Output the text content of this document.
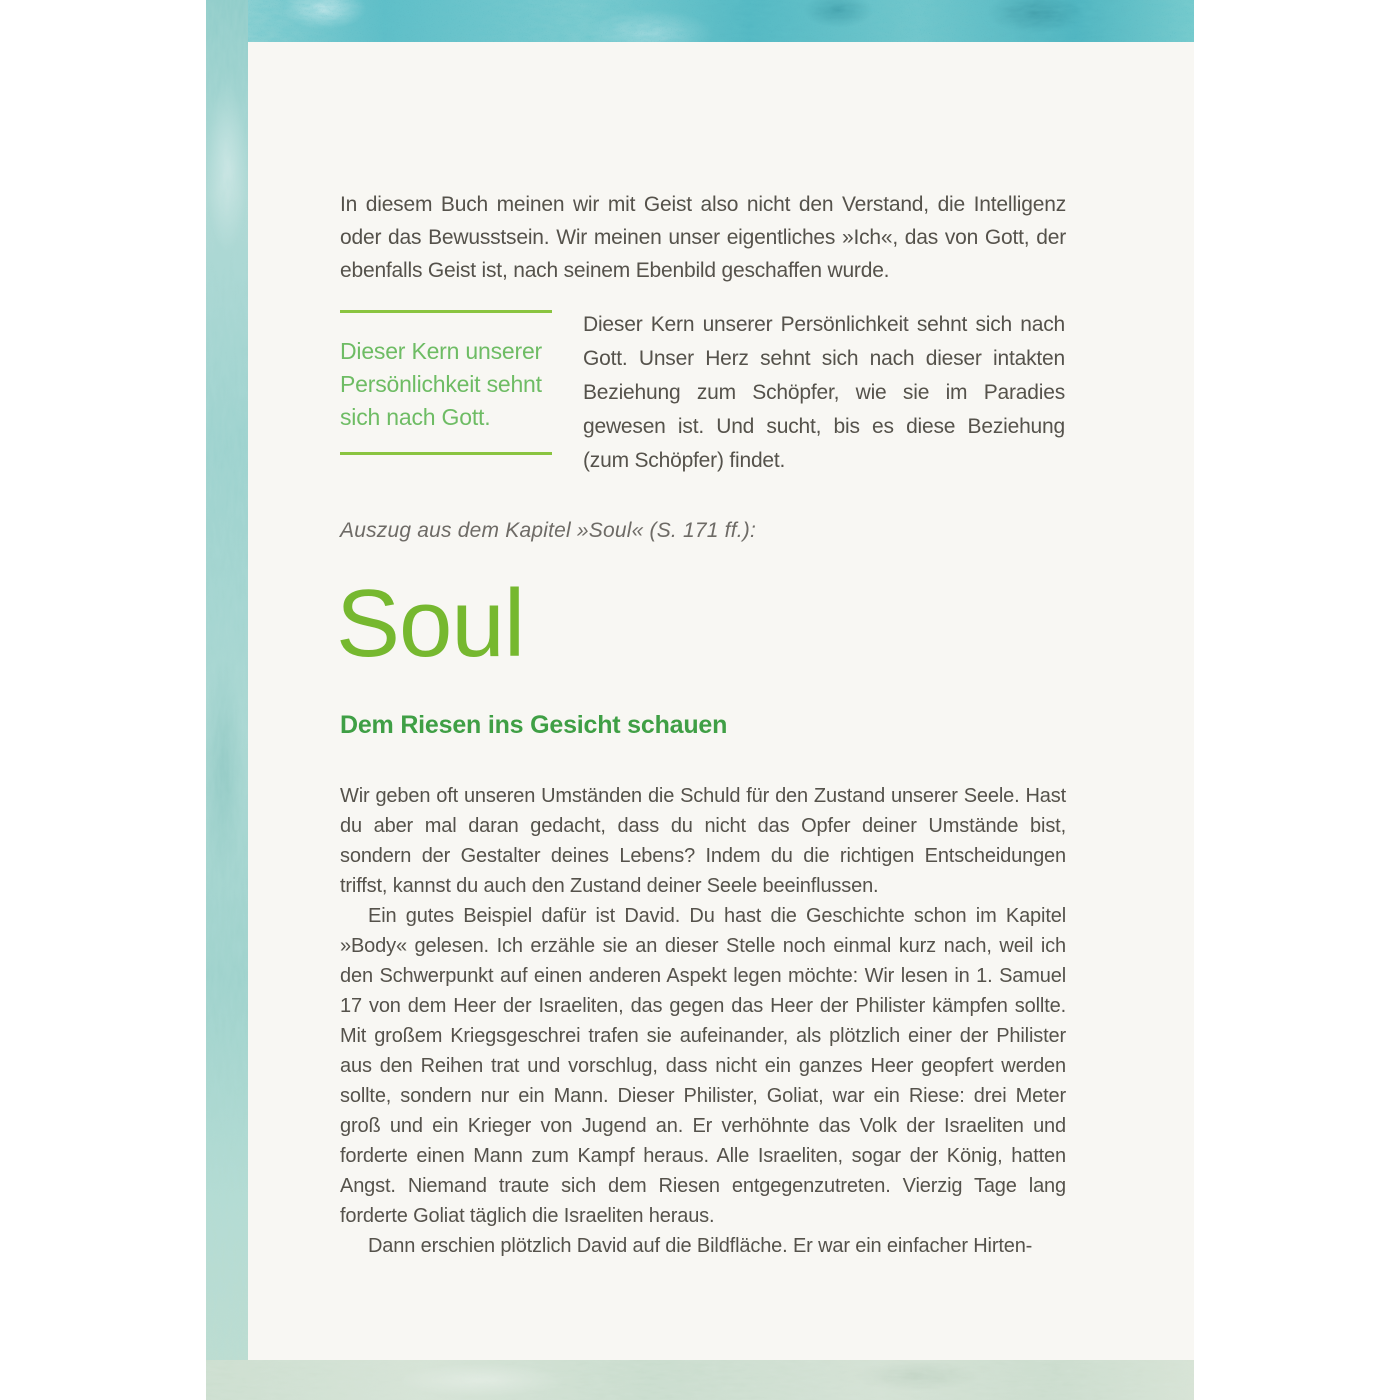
In diesem Buch meinen wir mit Geist also nicht den Verstand, die Intelligenz oder das Bewusstsein. Wir meinen unser eigentliches »Ich«, das von Gott, der ebenfalls Geist ist, nach seinem Ebenbild geschaffen wurde.

Dieser Kern unserer Persönlichkeit sehnt sich nach Gott.

Dieser Kern unserer Persönlichkeit sehnt sich nach Gott. Unser Herz sehnt sich nach dieser intakten Beziehung zum Schöpfer, wie sie im Paradies gewesen ist. Und sucht, bis es diese Beziehung (zum Schöpfer) findet.

Auszug aus dem Kapitel »Soul« (S. 171 ff.):

Soul
Dem Riesen ins Gesicht schauen

Wir geben oft unseren Umständen die Schuld für den Zustand unserer Seele. Hast du aber mal daran gedacht, dass du nicht das Opfer deiner Umstände bist, sondern der Gestalter deines Lebens? Indem du die richtigen Entscheidungen triffst, kannst du auch den Zustand deiner Seele beeinflussen.

Ein gutes Beispiel dafür ist David. Du hast die Geschichte schon im Kapitel »Body« gelesen. Ich erzähle sie an dieser Stelle noch einmal kurz nach, weil ich den Schwerpunkt auf einen anderen Aspekt legen möchte: Wir lesen in 1. Samuel 17 von dem Heer der Israeliten, das gegen das Heer der Philister kämpfen sollte. Mit großem Kriegsgeschrei trafen sie aufeinander, als plötzlich einer der Philister aus den Reihen trat und vorschlug, dass nicht ein ganzes Heer geopfert werden sollte, sondern nur ein Mann. Dieser Philister, Goliat, war ein Riese: drei Meter groß und ein Krieger von Jugend an. Er verhöhnte das Volk der Israeliten und forderte einen Mann zum Kampf heraus. Alle Israeliten, sogar der König, hatten Angst. Niemand traute sich dem Riesen entgegenzutreten. Vierzig Tage lang forderte Goliat täglich die Israeliten heraus.

Dann erschien plötzlich David auf die Bildfläche. Er war ein einfacher Hirten-
